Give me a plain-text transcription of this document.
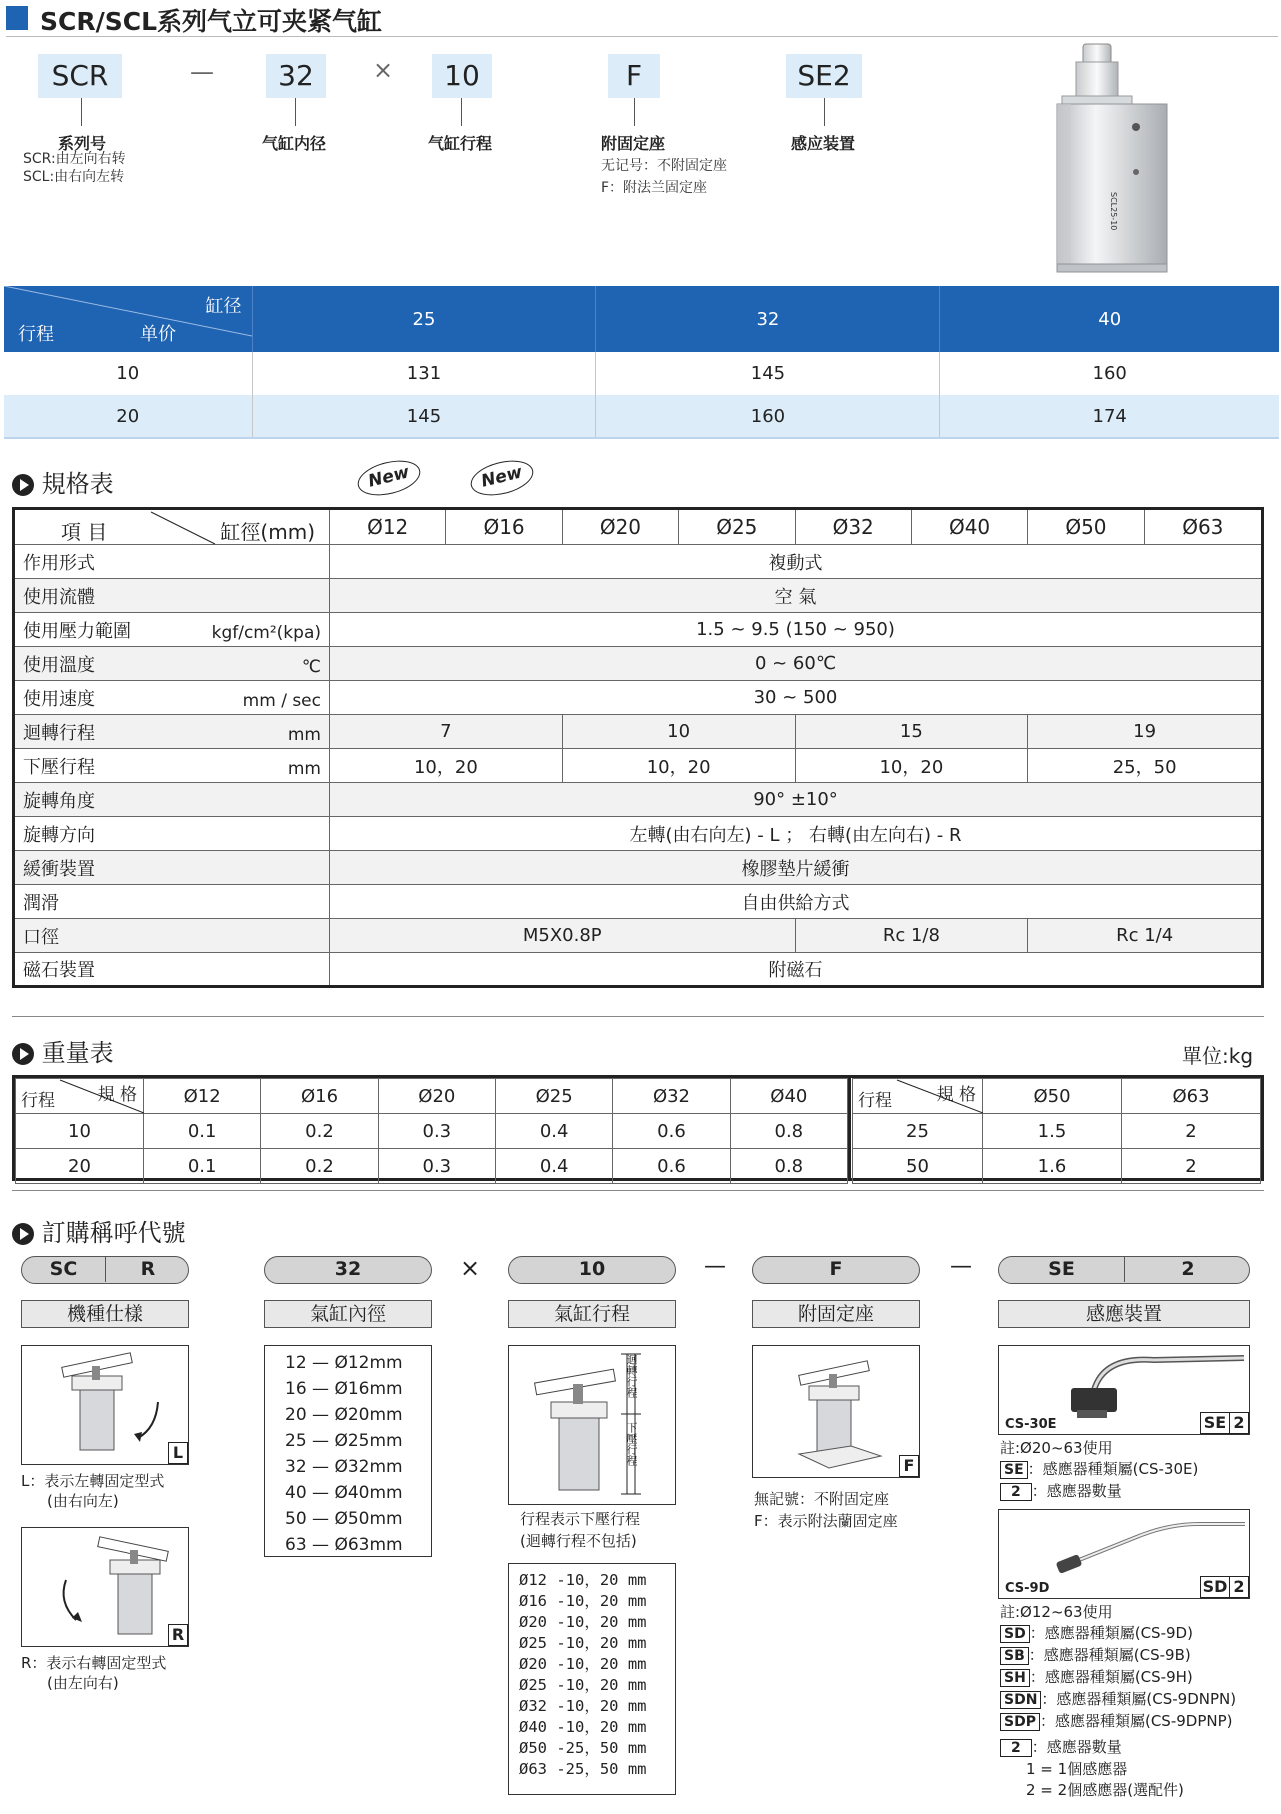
SCR/SCL系列气立可夹紧气缸
SCR	—	32	×	10	F	SE2
系列号	气缸内径	气缸行程	附固定座	感应装置
SCR:由左向右转
SCL:由右向左转
无记号：不附固定座
F：附法兰固定座
SCL25-10
缸径
行程 单价	25	32	40
10	131	145	160
20	145	160	174
規格表	New	New
項 目 缸徑(mm)	Ø12	Ø16	Ø20	Ø25	Ø32	Ø40	Ø50	Ø63
作用形式	複動式							
使用流體	空 氣							
使用壓力範圍 kgf/cm²(kpa)	1.5 ~ 9.5 (150 ~ 950)							
使用溫度 ℃	0 ~ 60℃							
使用速度 mm / sec	30 ~ 500							
迴轉行程 mm	7		10		15		19	
下壓行程 mm	10，20		10，20		10，20		25，50	
旋轉角度	90° ±10°							
旋轉方向	左轉(由右向左) - L ； 右轉(由左向右) - R							
緩衝裝置	橡膠墊片緩衝							
潤滑	自由供給方式							
口徑	M5X0.8P				Rc 1/8		Rc 1/4	
磁石裝置	附磁石							
重量表	單位:kg
規 格
行程	Ø12	Ø16	Ø20	Ø25	Ø32	Ø40
10	0.1	0.2	0.3	0.4	0.6	0.8
20	0.1	0.2	0.3	0.4	0.6	0.8
規 格
行程	Ø50	Ø63
25	1.5	2
50	1.6	2
訂購稱呼代號
SC	R	32	×	10	—	F	—	SE	2
機種仕樣	氣缸內徑	氣缸行程	附固定座	感應裝置
L
L：表示左轉固定型式
(由右向左)
R
R：表示右轉固定型式
(由左向右)
12 — Ø12mm
16 — Ø16mm
20 — Ø20mm
25 — Ø25mm
32 — Ø32mm
40 — Ø40mm
50 — Ø50mm
63 — Ø63mm
迴轉行程
下壓行程
行程表示下壓行程
(迴轉行程不包括)
Ø12 -10，20 mm
Ø16 -10，20 mm
Ø20 -10，20 mm
Ø25 -10，20 mm
Ø20 -10，20 mm
Ø25 -10，20 mm
Ø32 -10，20 mm
Ø40 -10，20 mm
Ø50 -25，50 mm
Ø63 -25，50 mm
F
無記號：不附固定座
F：表示附法蘭固定座
CS-30E	SE 2
註:Ø20~63使用
SE ：感應器種類屬(CS-30E)
2 ：感應器數量
CS-9D	SD 2
註:Ø12~63使用
SD ：感應器種類屬(CS-9D)
SB ：感應器種類屬(CS-9B)
SH ：感應器種類屬(CS-9H)
SDN ：感應器種類屬(CS-9DNPN)
SDP ：感應器種類屬(CS-9DPNP)
2 ：感應器數量
1 = 1個感應器
2 = 2個感應器(選配件)
